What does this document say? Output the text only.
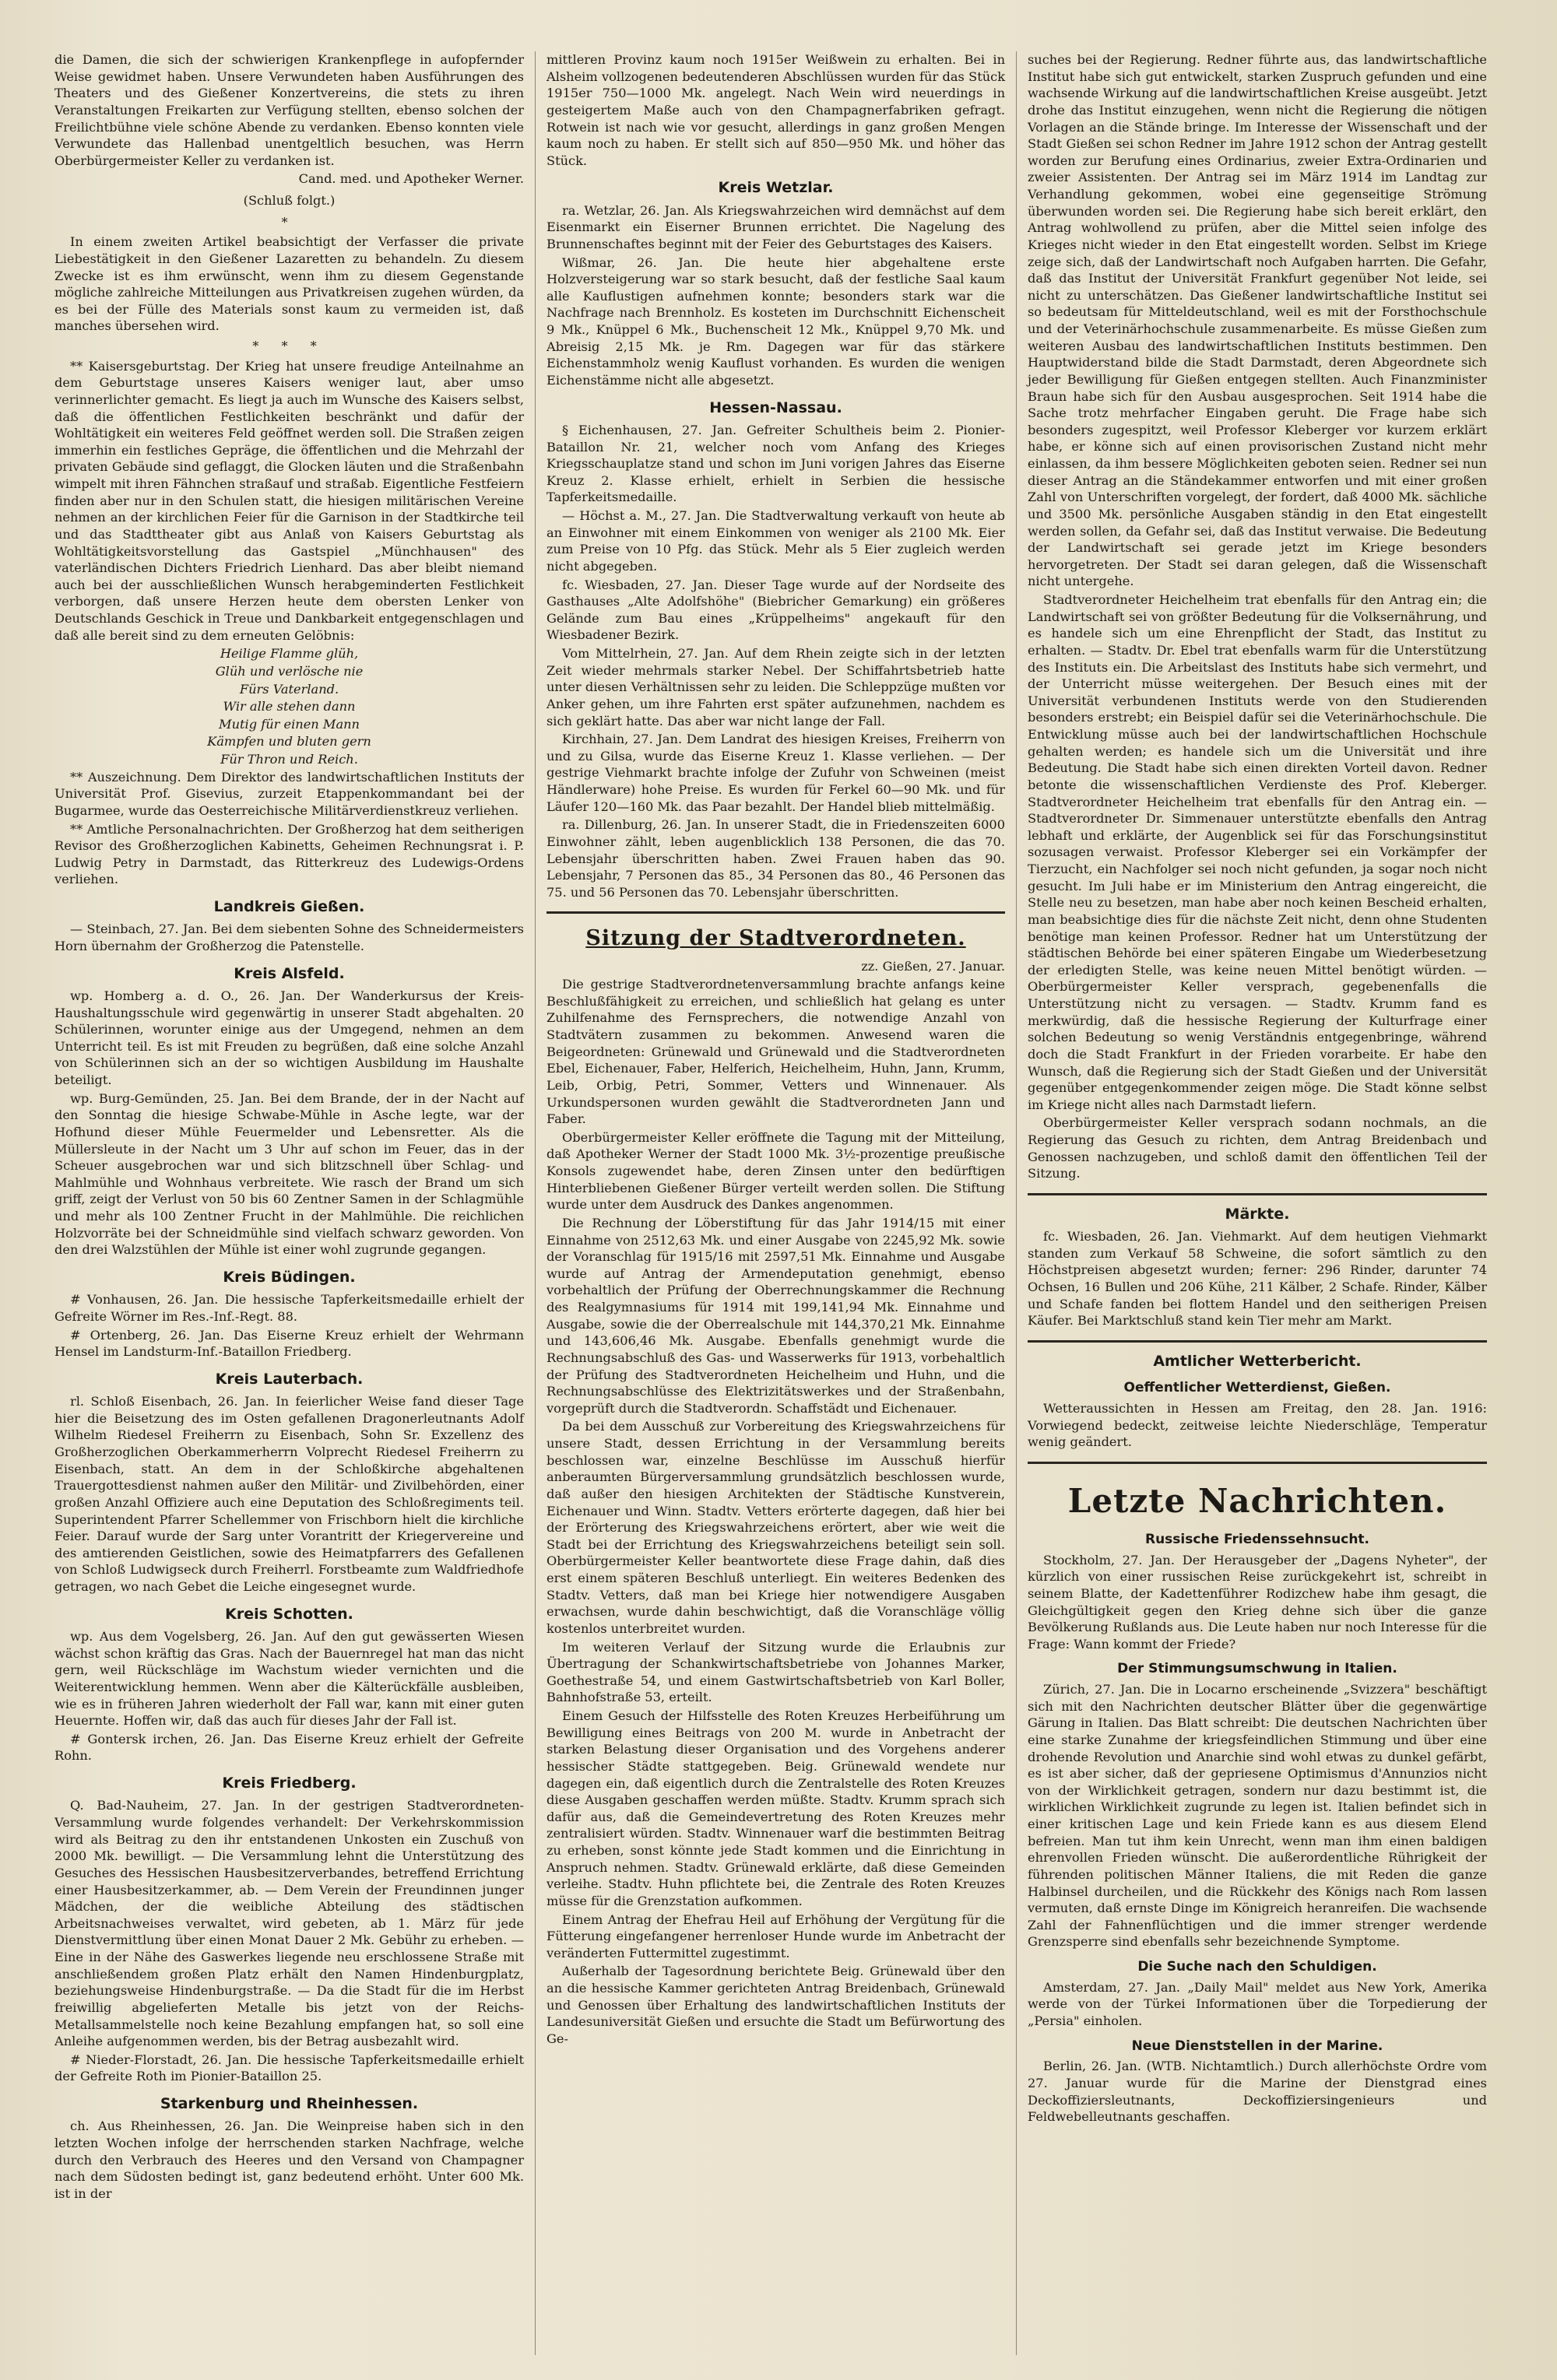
die Damen, die sich der schwierigen Krankenpflege in aufopfernder Weise gewidmet haben. Unsere Verwundeten haben Ausführungen des Theaters und des Gießener Konzertvereins, die stets zu ihren Veranstaltungen Freikarten zur Verfügung stellten, ebenso solchen der Freilichtbühne viele schöne Abende zu verdanken. Ebenso konnten viele Verwundete das Hallenbad unentgeltlich besuchen, was Herrn Oberbürgermeister Keller zu verdanken ist.

Cand. med. und Apotheker Werner.

(Schluß folgt.)

*

In einem zweiten Artikel beabsichtigt der Verfasser die private Liebestätigkeit in den Gießener Lazaretten zu behandeln. Zu diesem Zwecke ist es ihm erwünscht, wenn ihm zu diesem Gegenstande mögliche zahlreiche Mitteilungen aus Privatkreisen zugehen würden, da es bei der Fülle des Materials sonst kaum zu vermeiden ist, daß manches übersehen wird.

* * *

** Kaisersgeburtstag. Der Krieg hat unsere freudige Anteilnahme an dem Geburtstage unseres Kaisers weniger laut, aber umso verinnerlichter gemacht. Es liegt ja auch im Wunsche des Kaisers selbst, daß die öffentlichen Festlichkeiten beschränkt und dafür der Wohltätigkeit ein weiteres Feld geöffnet werden soll. Die Straßen zeigen immerhin ein festliches Gepräge, die öffentlichen und die Mehrzahl der privaten Gebäude sind geflaggt, die Glocken läuten und die Straßenbahn wimpelt mit ihren Fähnchen straßauf und straßab. Eigentliche Festfeiern finden aber nur in den Schulen statt, die hiesigen militärischen Vereine nehmen an der kirchlichen Feier für die Garnison in der Stadtkirche teil und das Stadttheater gibt aus Anlaß von Kaisers Geburtstag als Wohltätigkeitsvorstellung das Gastspiel „Münchhausen" des vaterländischen Dichters Friedrich Lienhard. Das aber bleibt niemand auch bei der ausschließlichen Wunsch herabgeminderten Festlichkeit verborgen, daß unsere Herzen heute dem obersten Lenker von Deutschlands Geschick in Treue und Dankbarkeit entgegenschlagen und daß alle bereit sind zu dem erneuten Gelöbnis:

Heilige Flamme glüh,

Glüh und verlösche nie

Fürs Vaterland.

Wir alle stehen dann

Mutig für einen Mann

Kämpfen und bluten gern

Für Thron und Reich.

** Auszeichnung. Dem Direktor des landwirtschaftlichen Instituts der Universität Prof. Gisevius, zurzeit Etappenkommandant bei der Bugarmee, wurde das Oesterreichische Militärverdienstkreuz verliehen.

** Amtliche Personalnachrichten. Der Großherzog hat dem seitherigen Revisor des Großherzoglichen Kabinetts, Geheimen Rechnungsrat i. P. Ludwig Petry in Darmstadt, das Ritterkreuz des Ludewigs-Ordens verliehen.

Landkreis Gießen.

— Steinbach, 27. Jan. Bei dem siebenten Sohne des Schneidermeisters Horn übernahm der Großherzog die Patenstelle.

Kreis Alsfeld.

wp. Homberg a. d. O., 26. Jan. Der Wanderkursus der Kreis-Haushaltungsschule wird gegenwärtig in unserer Stadt abgehalten. 20 Schülerinnen, worunter einige aus der Umgegend, nehmen an dem Unterricht teil. Es ist mit Freuden zu begrüßen, daß eine solche Anzahl von Schülerinnen sich an der so wichtigen Ausbildung im Haushalte beteiligt.

wp. Burg-Gemünden, 25. Jan. Bei dem Brande, der in der Nacht auf den Sonntag die hiesige Schwabe-Mühle in Asche legte, war der Hofhund dieser Mühle Feuermelder und Lebensretter. Als die Müllersleute in der Nacht um 3 Uhr auf schon im Feuer, das in der Scheuer ausgebrochen war und sich blitzschnell über Schlag- und Mahlmühle und Wohnhaus verbreitete. Wie rasch der Brand um sich griff, zeigt der Verlust von 50 bis 60 Zentner Samen in der Schlagmühle und mehr als 100 Zentner Frucht in der Mahlmühle. Die reichlichen Holzvorräte bei der Schneidmühle sind vielfach schwarz geworden. Von den drei Walzstühlen der Mühle ist einer wohl zugrunde gegangen.

Kreis Büdingen.

# Vonhausen, 26. Jan. Die hessische Tapferkeitsmedaille erhielt der Gefreite Wörner im Res.-Inf.-Regt. 88.

# Ortenberg, 26. Jan. Das Eiserne Kreuz erhielt der Wehrmann Hensel im Landsturm-Inf.-Bataillon Friedberg.

Kreis Lauterbach.

rl. Schloß Eisenbach, 26. Jan. In feierlicher Weise fand dieser Tage hier die Beisetzung des im Osten gefallenen Dragonerleutnants Adolf Wilhelm Riedesel Freiherrn zu Eisenbach, Sohn Sr. Exzellenz des Großherzoglichen Oberkammerherrn Volprecht Riedesel Freiherrn zu Eisenbach, statt. An dem in der Schloßkirche abgehaltenen Trauergottesdienst nahmen außer den Militär- und Zivilbehörden, einer großen Anzahl Offiziere auch eine Deputation des Schloßregiments teil. Superintendent Pfarrer Schellemmer von Frischborn hielt die kirchliche Feier. Darauf wurde der Sarg unter Vorantritt der Kriegervereine und des amtierenden Geistlichen, sowie des Heimatpfarrers des Gefallenen von Schloß Ludwigseck durch Freiherrl. Forstbeamte zum Waldfriedhofe getragen, wo nach Gebet die Leiche eingesegnet wurde.

Kreis Schotten.

wp. Aus dem Vogelsberg, 26. Jan. Auf den gut gewässerten Wiesen wächst schon kräftig das Gras. Nach der Bauernregel hat man das nicht gern, weil Rückschläge im Wachstum wieder vernichten und die Weiterentwicklung hemmen. Wenn aber die Kälterückfälle ausbleiben, wie es in früheren Jahren wiederholt der Fall war, kann mit einer guten Heuernte. Hoffen wir, daß das auch für dieses Jahr der Fall ist.

# Gontersk irchen, 26. Jan. Das Eiserne Kreuz erhielt der Gefreite Rohn.

Kreis Friedberg.

Q. Bad-Nauheim, 27. Jan. In der gestrigen Stadtverordneten-Versammlung wurde folgendes verhandelt: Der Verkehrskommission wird als Beitrag zu den ihr entstandenen Unkosten ein Zuschuß von 2000 Mk. bewilligt. — Die Versammlung lehnt die Unterstützung des Gesuches des Hessischen Hausbesitzerverbandes, betreffend Errichtung einer Hausbesitzerkammer, ab. — Dem Verein der Freundinnen junger Mädchen, der die weibliche Abteilung des städtischen Arbeitsnachweises verwaltet, wird gebeten, ab 1. März für jede Dienstvermittlung über einen Monat Dauer 2 Mk. Gebühr zu erheben. — Eine in der Nähe des Gaswerkes liegende neu erschlossene Straße mit anschließendem großen Platz erhält den Namen Hindenburgplatz, beziehungsweise Hindenburgstraße. — Da die Stadt für die im Herbst freiwillig abgelieferten Metalle bis jetzt von der Reichs-Metallsammelstelle noch keine Bezahlung empfangen hat, so soll eine Anleihe aufgenommen werden, bis der Betrag ausbezahlt wird.

# Nieder-Florstadt, 26. Jan. Die hessische Tapferkeitsmedaille erhielt der Gefreite Roth im Pionier-Bataillon 25.

Starkenburg und Rheinhessen.

ch. Aus Rheinhessen, 26. Jan. Die Weinpreise haben sich in den letzten Wochen infolge der herrschenden starken Nachfrage, welche durch den Verbrauch des Heeres und den Versand von Champagner nach dem Südosten bedingt ist, ganz bedeutend erhöht. Unter 600 Mk. ist in der

mittleren Provinz kaum noch 1915er Weißwein zu erhalten. Bei in Alsheim vollzogenen bedeutenderen Abschlüssen wurden für das Stück 1915er 750—1000 Mk. angelegt. Nach Wein wird neuerdings in gesteigertem Maße auch von den Champagnerfabriken gefragt. Rotwein ist nach wie vor gesucht, allerdings in ganz großen Mengen kaum noch zu haben. Er stellt sich auf 850—950 Mk. und höher das Stück.

Kreis Wetzlar.

ra. Wetzlar, 26. Jan. Als Kriegswahrzeichen wird demnächst auf dem Eisenmarkt ein Eiserner Brunnen errichtet. Die Nagelung des Brunnenschaftes beginnt mit der Feier des Geburtstages des Kaisers.

Wißmar, 26. Jan. Die heute hier abgehaltene erste Holzversteigerung war so stark besucht, daß der festliche Saal kaum alle Kauflustigen aufnehmen konnte; besonders stark war die Nachfrage nach Brennholz. Es kosteten im Durchschnitt Eichenscheit 9 Mk., Knüppel 6 Mk., Buchenscheit 12 Mk., Knüppel 9,70 Mk. und Abreisig 2,15 Mk. je Rm. Dagegen war für das stärkere Eichenstammholz wenig Kauflust vorhanden. Es wurden die wenigen Eichenstämme nicht alle abgesetzt.

Hessen-Nassau.

§ Eichenhausen, 27. Jan. Gefreiter Schultheis beim 2. Pionier-Bataillon Nr. 21, welcher noch vom Anfang des Krieges Kriegsschauplatze stand und schon im Juni vorigen Jahres das Eiserne Kreuz 2. Klasse erhielt, erhielt in Serbien die hessische Tapferkeitsmedaille.

— Höchst a. M., 27. Jan. Die Stadtverwaltung verkauft von heute ab an Einwohner mit einem Einkommen von weniger als 2100 Mk. Eier zum Preise von 10 Pfg. das Stück. Mehr als 5 Eier zugleich werden nicht abgegeben.

fc. Wiesbaden, 27. Jan. Dieser Tage wurde auf der Nordseite des Gasthauses „Alte Adolfshöhe" (Biebricher Gemarkung) ein größeres Gelände zum Bau eines „Krüppelheims" angekauft für den Wiesbadener Bezirk.

Vom Mittelrhein, 27. Jan. Auf dem Rhein zeigte sich in der letzten Zeit wieder mehrmals starker Nebel. Der Schiffahrtsbetrieb hatte unter diesen Verhältnissen sehr zu leiden. Die Schleppzüge mußten vor Anker gehen, um ihre Fahrten erst später aufzunehmen, nachdem es sich geklärt hatte. Das aber war nicht lange der Fall.

Kirchhain, 27. Jan. Dem Landrat des hiesigen Kreises, Freiherrn von und zu Gilsa, wurde das Eiserne Kreuz 1. Klasse verliehen. — Der gestrige Viehmarkt brachte infolge der Zufuhr von Schweinen (meist Händlerware) hohe Preise. Es wurden für Ferkel 60—90 Mk. und für Läufer 120—160 Mk. das Paar bezahlt. Der Handel blieb mittelmäßig.

ra. Dillenburg, 26. Jan. In unserer Stadt, die in Friedenszeiten 6000 Einwohner zählt, leben augenblicklich 138 Personen, die das 70. Lebensjahr überschritten haben. Zwei Frauen haben das 90. Lebensjahr, 7 Personen das 85., 34 Personen das 80., 46 Personen das 75. und 56 Personen das 70. Lebensjahr überschritten.

Sitzung der Stadtverordneten.

zz. Gießen, 27. Januar.

Die gestrige Stadtverordnetenversammlung brachte anfangs keine Beschlußfähigkeit zu erreichen, und schließlich hat gelang es unter Zuhilfenahme des Fernsprechers, die notwendige Anzahl von Stadtvätern zusammen zu bekommen. Anwesend waren die Beigeordneten: Grünewald und Grünewald und die Stadtverordneten Ebel, Eichenauer, Faber, Helferich, Heichelheim, Huhn, Jann, Krumm, Leib, Orbig, Petri, Sommer, Vetters und Winnenauer. Als Urkundspersonen wurden gewählt die Stadtverordneten Jann und Faber.

Oberbürgermeister Keller eröffnete die Tagung mit der Mitteilung, daß Apotheker Werner der Stadt 1000 Mk. 3½-prozentige preußische Konsols zugewendet habe, deren Zinsen unter den bedürftigen Hinterbliebenen Gießener Bürger verteilt werden sollen. Die Stiftung wurde unter dem Ausdruck des Dankes angenommen.

Die Rechnung der Löberstiftung für das Jahr 1914/15 mit einer Einnahme von 2512,63 Mk. und einer Ausgabe von 2245,92 Mk. sowie der Voranschlag für 1915/16 mit 2597,51 Mk. Einnahme und Ausgabe wurde auf Antrag der Armendeputation genehmigt, ebenso vorbehaltlich der Prüfung der Oberrechnungskammer die Rechnung des Realgymnasiums für 1914 mit 199,141,94 Mk. Einnahme und Ausgabe, sowie die der Oberrealschule mit 144,370,21 Mk. Einnahme und 143,606,46 Mk. Ausgabe. Ebenfalls genehmigt wurde die Rechnungsabschluß des Gas- und Wasserwerks für 1913, vorbehaltlich der Prüfung des Stadtverordneten Heichelheim und Huhn, und die Rechnungsabschlüsse des Elektrizitätswerkes und der Straßenbahn, vorgeprüft durch die Stadtverordn. Schaffstädt und Eichenauer.

Da bei dem Ausschuß zur Vorbereitung des Kriegswahrzeichens für unsere Stadt, dessen Errichtung in der Versammlung bereits beschlossen war, einzelne Beschlüsse im Ausschuß hierfür anberaumten Bürgerversammlung grundsätzlich beschlossen wurde, daß außer den hiesigen Architekten der Städtische Kunstverein, Eichenauer und Winn. Stadtv. Vetters erörterte dagegen, daß hier bei der Erörterung des Kriegswahrzeichens erörtert, aber wie weit die Stadt bei der Errichtung des Kriegswahrzeichens beteiligt sein soll. Oberbürgermeister Keller beantwortete diese Frage dahin, daß dies erst einem späteren Beschluß unterliegt. Ein weiteres Bedenken des Stadtv. Vetters, daß man bei Kriege hier notwendigere Ausgaben erwachsen, wurde dahin beschwichtigt, daß die Voranschläge völlig kostenlos unterbreitet wurden.

Im weiteren Verlauf der Sitzung wurde die Erlaubnis zur Übertragung der Schankwirtschaftsbetriebe von Johannes Marker, Goethestraße 54, und einem Gastwirtschaftsbetrieb von Karl Boller, Bahnhofstraße 53, erteilt.

Einem Gesuch der Hilfsstelle des Roten Kreuzes Herbeiführung um Bewilligung eines Beitrags von 200 M. wurde in Anbetracht der starken Belastung dieser Organisation und des Vorgehens anderer hessischer Städte stattgegeben. Beig. Grünewald wendete nur dagegen ein, daß eigentlich durch die Zentralstelle des Roten Kreuzes diese Ausgaben geschaffen werden müßte. Stadtv. Krumm sprach sich dafür aus, daß die Gemeindevertretung des Roten Kreuzes mehr zentralisiert würden. Stadtv. Winnenauer warf die bestimmten Beitrag zu erheben, sonst könnte jede Stadt kommen und die Einrichtung in Anspruch nehmen. Stadtv. Grünewald erklärte, daß diese Gemeinden verleihe. Stadtv. Huhn pflichtete bei, die Zentrale des Roten Kreuzes müsse für die Grenzstation aufkommen.

Einem Antrag der Ehefrau Heil auf Erhöhung der Vergütung für die Fütterung eingefangener herrenloser Hunde wurde im Anbetracht der veränderten Futtermittel zugestimmt.

Außerhalb der Tagesordnung berichtete Beig. Grünewald über den an die hessische Kammer gerichteten Antrag Breidenbach, Grünewald und Genossen über Erhaltung des landwirtschaftlichen Instituts der Landesuniversität Gießen und ersuchte die Stadt um Befürwortung des Ge-

suches bei der Regierung. Redner führte aus, das landwirtschaftliche Institut habe sich gut entwickelt, starken Zuspruch gefunden und eine wachsende Wirkung auf die landwirtschaftlichen Kreise ausgeübt. Jetzt drohe das Institut einzugehen, wenn nicht die Regierung die nötigen Vorlagen an die Stände bringe. Im Interesse der Wissenschaft und der Stadt Gießen sei schon Redner im Jahre 1912 schon der Antrag gestellt worden zur Berufung eines Ordinarius, zweier Extra-Ordinarien und zweier Assistenten. Der Antrag sei im März 1914 im Landtag zur Verhandlung gekommen, wobei eine gegenseitige Strömung überwunden worden sei. Die Regierung habe sich bereit erklärt, den Antrag wohlwollend zu prüfen, aber die Mittel seien infolge des Krieges nicht wieder in den Etat eingestellt worden. Selbst im Kriege zeige sich, daß der Landwirtschaft noch Aufgaben harrten. Die Gefahr, daß das Institut der Universität Frankfurt gegenüber Not leide, sei nicht zu unterschätzen. Das Gießener landwirtschaftliche Institut sei so bedeutsam für Mitteldeutschland, weil es mit der Forsthochschule und der Veterinärhochschule zusammenarbeite. Es müsse Gießen zum weiteren Ausbau des landwirtschaftlichen Instituts bestimmen. Den Hauptwiderstand bilde die Stadt Darmstadt, deren Abgeordnete sich jeder Bewilligung für Gießen entgegen stellten. Auch Finanzminister Braun habe sich für den Ausbau ausgesprochen. Seit 1914 habe die Sache trotz mehrfacher Eingaben geruht. Die Frage habe sich besonders zugespitzt, weil Professor Kleberger vor kurzem erklärt habe, er könne sich auf einen provisorischen Zustand nicht mehr einlassen, da ihm bessere Möglichkeiten geboten seien. Redner sei nun dieser Antrag an die Ständekammer entworfen und mit einer großen Zahl von Unterschriften vorgelegt, der fordert, daß 4000 Mk. sächliche und 3500 Mk. persönliche Ausgaben ständig in den Etat eingestellt werden sollen, da Gefahr sei, daß das Institut verwaise. Die Bedeutung der Landwirtschaft sei gerade jetzt im Kriege besonders hervorgetreten. Der Stadt sei daran gelegen, daß die Wissenschaft nicht untergehe.

Stadtverordneter Heichelheim trat ebenfalls für den Antrag ein; die Landwirtschaft sei von größter Bedeutung für die Volksernährung, und es handele sich um eine Ehrenpflicht der Stadt, das Institut zu erhalten. — Stadtv. Dr. Ebel trat ebenfalls warm für die Unterstützung des Instituts ein. Die Arbeitslast des Instituts habe sich vermehrt, und der Unterricht müsse weitergehen. Der Besuch eines mit der Universität verbundenen Instituts werde von den Studierenden besonders erstrebt; ein Beispiel dafür sei die Veterinärhochschule. Die Entwicklung müsse auch bei der landwirtschaftlichen Hochschule gehalten werden; es handele sich um die Universität und ihre Bedeutung. Die Stadt habe sich einen direkten Vorteil davon. Redner betonte die wissenschaftlichen Verdienste des Prof. Kleberger. Stadtverordneter Heichelheim trat ebenfalls für den Antrag ein. — Stadtverordneter Dr. Simmenauer unterstützte ebenfalls den Antrag lebhaft und erklärte, der Augenblick sei für das Forschungsinstitut sozusagen verwaist. Professor Kleberger sei ein Vorkämpfer der Tierzucht, ein Nachfolger sei noch nicht gefunden, ja sogar noch nicht gesucht. Im Juli habe er im Ministerium den Antrag eingereicht, die Stelle neu zu besetzen, man habe aber noch keinen Bescheid erhalten, man beabsichtige dies für die nächste Zeit nicht, denn ohne Studenten benötige man keinen Professor. Redner hat um Unterstützung der städtischen Behörde bei einer späteren Eingabe um Wiederbesetzung der erledigten Stelle, was keine neuen Mittel benötigt würden. — Oberbürgermeister Keller versprach, gegebenenfalls die Unterstützung nicht zu versagen. — Stadtv. Krumm fand es merkwürdig, daß die hessische Regierung der Kulturfrage einer solchen Bedeutung so wenig Verständnis entgegenbringe, während doch die Stadt Frankfurt in der Frieden vorarbeite. Er habe den Wunsch, daß die Regierung sich der Stadt Gießen und der Universität gegenüber entgegenkommender zeigen möge. Die Stadt könne selbst im Kriege nicht alles nach Darmstadt liefern.

Oberbürgermeister Keller versprach sodann nochmals, an die Regierung das Gesuch zu richten, dem Antrag Breidenbach und Genossen nachzugeben, und schloß damit den öffentlichen Teil der Sitzung.

Märkte.

fc. Wiesbaden, 26. Jan. Viehmarkt. Auf dem heutigen Viehmarkt standen zum Verkauf 58 Schweine, die sofort sämtlich zu den Höchstpreisen abgesetzt wurden; ferner: 296 Rinder, darunter 74 Ochsen, 16 Bullen und 206 Kühe, 211 Kälber, 2 Schafe. Rinder, Kälber und Schafe fanden bei flottem Handel und den seitherigen Preisen Käufer. Bei Marktschluß stand kein Tier mehr am Markt.

Amtlicher Wetterbericht.
Oeffentlicher Wetterdienst, Gießen.

Wetteraussichten in Hessen am Freitag, den 28. Jan. 1916: Vorwiegend bedeckt, zeitweise leichte Niederschläge, Temperatur wenig geändert.

Letzte Nachrichten.
Russische Friedenssehnsucht.

Stockholm, 27. Jan. Der Herausgeber der „Dagens Nyheter", der kürzlich von einer russischen Reise zurückgekehrt ist, schreibt in seinem Blatte, der Kadettenführer Rodizchew habe ihm gesagt, die Gleichgültigkeit gegen den Krieg dehne sich über die ganze Bevölkerung Rußlands aus. Die Leute haben nur noch Interesse für die Frage: Wann kommt der Friede?

Der Stimmungsumschwung in Italien.

Zürich, 27. Jan. Die in Locarno erscheinende „Svizzera" beschäftigt sich mit den Nachrichten deutscher Blätter über die gegenwärtige Gärung in Italien. Das Blatt schreibt: Die deutschen Nachrichten über eine starke Zunahme der kriegsfeindlichen Stimmung und über eine drohende Revolution und Anarchie sind wohl etwas zu dunkel gefärbt, es ist aber sicher, daß der gepriesene Optimismus d'Annunzios nicht von der Wirklichkeit getragen, sondern nur dazu bestimmt ist, die wirklichen Wirklichkeit zugrunde zu legen ist. Italien befindet sich in einer kritischen Lage und kein Friede kann es aus diesem Elend befreien. Man tut ihm kein Unrecht, wenn man ihm einen baldigen ehrenvollen Frieden wünscht. Die außerordentliche Rührigkeit der führenden politischen Männer Italiens, die mit Reden die ganze Halbinsel durcheilen, und die Rückkehr des Königs nach Rom lassen vermuten, daß ernste Dinge im Königreich heranreifen. Die wachsende Zahl der Fahnenflüchtigen und die immer strenger werdende Grenzsperre sind ebenfalls sehr bezeichnende Symptome.

Die Suche nach den Schuldigen.

Amsterdam, 27. Jan. „Daily Mail" meldet aus New York, Amerika werde von der Türkei Informationen über die Torpedierung der „Persia" einholen.

Neue Dienststellen in der Marine.

Berlin, 26. Jan. (WTB. Nichtamtlich.) Durch allerhöchste Ordre vom 27. Januar wurde für die Marine der Dienstgrad eines Deckoffiziersleutnants, Deckoffiziersingenieurs und Feldwebelleutnants geschaffen.
